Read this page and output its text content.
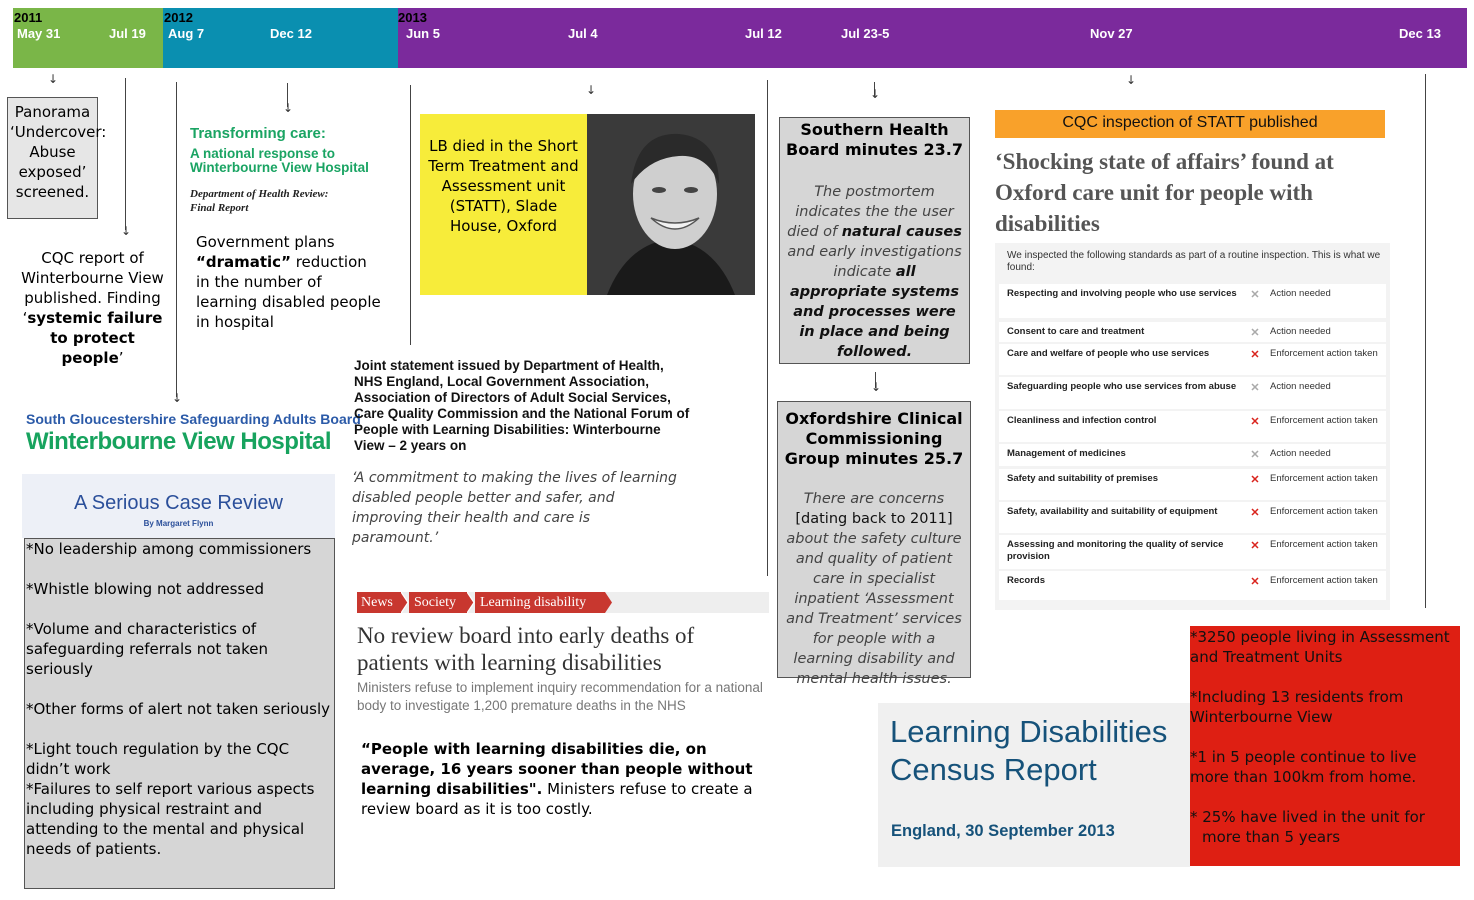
2011	2012	2013
May 31	Jul 19 Aug 7	Dec 12	Jun 5	Jul 4	Jul 12	Jul 23-5	Nov 27	Dec 13
↓
↓
↓
↓
↓	↓
↓
↓
Panorama ‘Undercover: Abuse exposed’ screened.
CQC report of Winterbourne View published. Finding ‘systemic failure to protect people’
Transforming care:
A national response to Winterbourne View Hospital
Department of Health Review:
Final Report
Government plans “dramatic” reduction in the number of learning disabled people in hospital
South Gloucestershire Safeguarding Adults Board
Winterbourne View Hospital
A Serious Case Review
By Margaret Flynn
*No leadership among commissioners
*Whistle blowing not addressed
*Volume and characteristics of safeguarding referrals not taken seriously
*Other forms of alert not taken seriously
*Light touch regulation by the CQC didn’t work
*Failures to self report various aspects including physical restraint and attending to the mental and physical needs of patients.
LB died in the Short Term Treatment and Assessment unit (STATT), Slade House, Oxford
Joint statement issued by Department of Health, NHS England, Local Government Association, Association of Directors of Adult Social Services, Care Quality Commission and the National Forum of People with Learning Disabilities: Winterbourne View – 2 years on
‘A commitment to making the lives of learning disabled people better and safer, and improving their health and care is paramount.’
News	Society	Learning disability
No review board into early deaths of patients with learning disabilities
Ministers refuse to implement inquiry recommendation for a national body to investigate 1,200 premature deaths in the NHS
“People with learning disabilities die, on average, 16 years sooner than people without learning disabilities". Ministers refuse to create a review board as it is too costly.
Southern Health Board minutes 23.7
The postmortem indicates the the user died of natural causes and early investigations indicate all appropriate systems and processes were in place and being followed.
Oxfordshire Clinical Commissioning Group minutes 25.7
There are concerns [dating back to 2011] about the safety culture and quality of patient care in specialist inpatient ‘Assessment and Treatment’ services for people with a learning disability and mental health issues.
CQC inspection of STATT published
‘Shocking state of affairs’ found at Oxford care unit for people with disabilities
We inspected the following standards as part of a routine inspection. This is what we found:
Respecting and involving people who use services ✕ Action needed
Consent to care and treatment	✕ Action needed
Care and welfare of people who use services	✕ Enforcement action taken
Safeguarding people who use services from abuse ✕ Action needed
Cleanliness and infection control	✕ Enforcement action taken
Management of medicines	✕ Action needed
Safety and suitability of premises	✕ Enforcement action taken
Safety, availability and suitability of equipment	✕ Enforcement action taken
Assessing and monitoring the quality of service provision
✕ Enforcement action taken
Records	✕ Enforcement action taken
Learning Disabilities Census Report
England, 30 September 2013
*3250 people living in Assessment and Treatment Units
*Including 13 residents from Winterbourne View
*1 in 5 people continue to live more than 100km from home.
* 25% have lived in the unit for more than 5 years
